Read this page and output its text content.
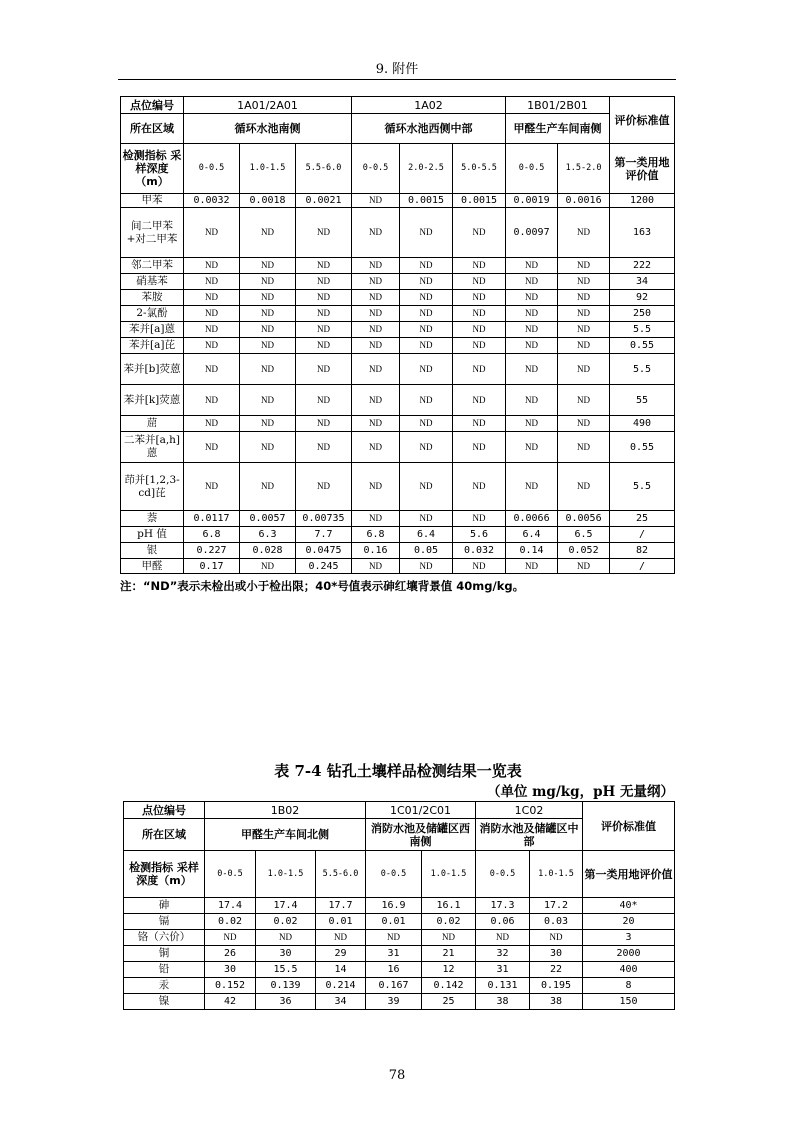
9. 附件
点位编号	1A01/2A01			1A02			1B01/2B01		评价标准值
所在区域	循环水池南侧			循环水池西侧中部			甲醛生产车间南侧		
检测指标 采样深度（m）	0-0.5	1.0-1.5	5.5-6.0	0-0.5	2.0-2.5	5.0-5.5	0-0.5	1.5-2.0	第一类用地评价值
甲苯	0.0032	0.0018	0.0021	ND	0.0015	0.0015	0.0019	0.0016	1200
间二甲苯+对二甲苯	ND	ND	ND	ND	ND	ND	0.0097	ND	163
邻二甲苯	ND	ND	ND	ND	ND	ND	ND	ND	222
硝基苯	ND	ND	ND	ND	ND	ND	ND	ND	34
苯胺	ND	ND	ND	ND	ND	ND	ND	ND	92
2-氯酚	ND	ND	ND	ND	ND	ND	ND	ND	250
苯并[a]蒽	ND	ND	ND	ND	ND	ND	ND	ND	5.5
苯并[a]芘	ND	ND	ND	ND	ND	ND	ND	ND	0.55
苯并[b]荧蒽	ND	ND	ND	ND	ND	ND	ND	ND	5.5
苯并[k]荧蒽	ND	ND	ND	ND	ND	ND	ND	ND	55
䓛	ND	ND	ND	ND	ND	ND	ND	ND	490
二苯并[a,h]蒽	ND	ND	ND	ND	ND	ND	ND	ND	0.55
茚并[1,2,3-cd]芘	ND	ND	ND	ND	ND	ND	ND	ND	5.5
萘	0.0117	0.0057	0.00735	ND	ND	ND	0.0066	0.0056	25
pH 值	6.8	6.3	7.7	6.8	6.4	5.6	6.4	6.5	/
银	0.227	0.028	0.0475	0.16	0.05	0.032	0.14	0.052	82
甲醛	0.17	ND	0.245	ND	ND	ND	ND	ND	/
注：“ND”表示未检出或小于检出限；40*号值表示砷红壤背景值 40mg/kg。
表 7-4 钻孔土壤样品检测结果一览表
（单位 mg/kg，pH 无量纲）
点位编号	1B02			1C01/2C01		1C02		评价标准值
所在区域	甲醛生产车间北侧			消防水池及储罐区西南侧		消防水池及储罐区中部		
检测指标 采样深度（m）	0-0.5	1.0-1.5	5.5-6.0	0-0.5	1.0-1.5	0-0.5	1.0-1.5	第一类用地评价值
砷	17.4	17.4	17.7	16.9	16.1	17.3	17.2	40*
镉	0.02	0.02	0.01	0.01	0.02	0.06	0.03	20
铬（六价）	ND	ND	ND	ND	ND	ND	ND	3
铜	26	30	29	31	21	32	30	2000
铅	30	15.5	14	16	12	31	22	400
汞	0.152	0.139	0.214	0.167	0.142	0.131	0.195	8
镍	42	36	34	39	25	38	38	150
78
